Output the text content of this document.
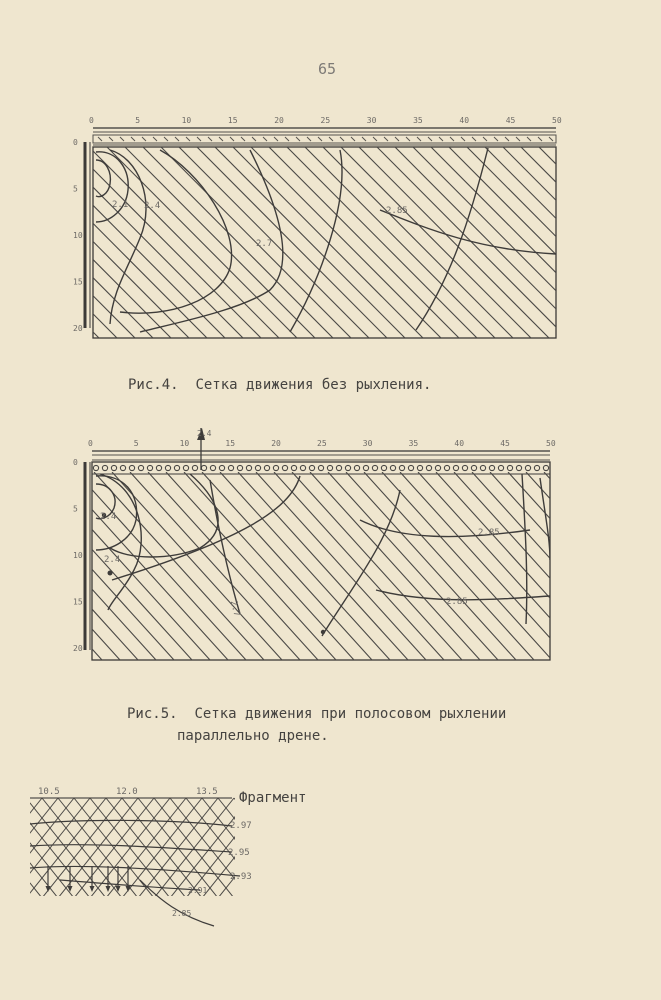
65
0	5	10	15	20	25	30	35	40	45	50
0
5
10
15
20
2.1 2.4
2.7
2.85
Рис.4. Сетка движения без рыхления.
0	5	10	15	20	25	30	35	40	45	50
0
5
10
15
20
2.4
2.4
2.4
2.7
2.85
2.85
Рис.5. Сетка движения при полосовом рыхлении
параллельно дрене.
10.5	12.0	13.5
2.97
2.95
2.93
2.91
2.85
Фрагмент
